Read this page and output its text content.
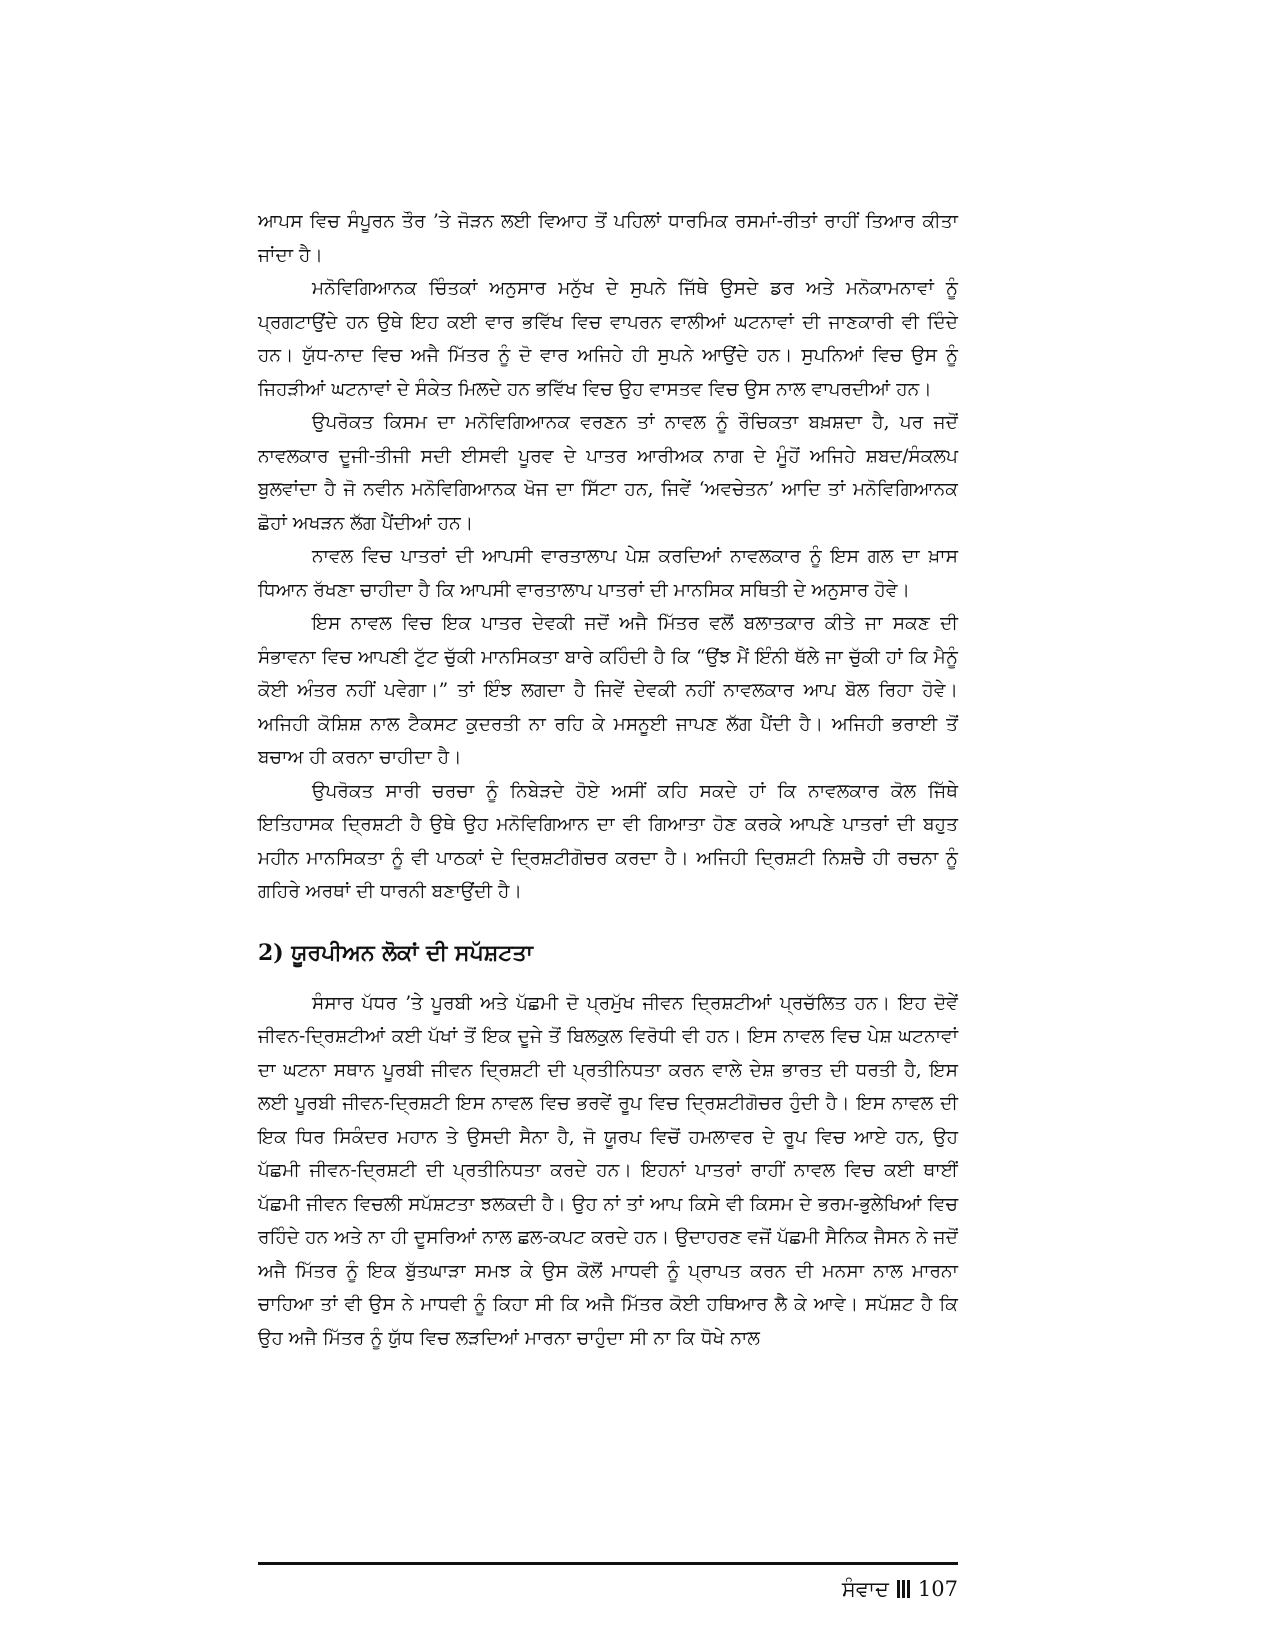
ਆਪਸ ਵਿਚ ਸੰਪੂਰਨ ਤੌਰ ’ਤੇ ਜੋੜਨ ਲਈ ਵਿਆਹ ਤੋਂ ਪਹਿਲਾਂ ਧਾਰਮਿਕ ਰਸਮਾਂ-ਰੀਤਾਂ ਰਾਹੀਂ ਤਿਆਰ ਕੀਤਾ ਜਾਂਦਾ ਹੈ।

ਮਨੋਵਿਗਿਆਨਕ ਚਿੰਤਕਾਂ ਅਨੁਸਾਰ ਮਨੁੱਖ ਦੇ ਸੁਪਨੇ ਜਿੱਥੇ ਉਸਦੇ ਡਰ ਅਤੇ ਮਨੋਕਾਮਨਾਵਾਂ ਨੂੰ ਪ੍ਰਗਟਾਉਂਦੇ ਹਨ ਉਥੇ ਇਹ ਕਈ ਵਾਰ ਭਵਿੱਖ ਵਿਚ ਵਾਪਰਨ ਵਾਲੀਆਂ ਘਟਨਾਵਾਂ ਦੀ ਜਾਣਕਾਰੀ ਵੀ ਦਿੰਦੇ ਹਨ। ਯੁੱਧ-ਨਾਦ ਵਿਚ ਅਜੈ ਮਿੱਤਰ ਨੂੰ ਦੋ ਵਾਰ ਅਜਿਹੇ ਹੀ ਸੁਪਨੇ ਆਉਂਦੇ ਹਨ। ਸੁਪਨਿਆਂ ਵਿਚ ਉਸ ਨੂੰ ਜਿਹੜੀਆਂ ਘਟਨਾਵਾਂ ਦੇ ਸੰਕੇਤ ਮਿਲਦੇ ਹਨ ਭਵਿੱਖ ਵਿਚ ਉਹ ਵਾਸਤਵ ਵਿਚ ਉਸ ਨਾਲ ਵਾਪਰਦੀਆਂ ਹਨ।

ਉਪਰੋਕਤ ਕਿਸਮ ਦਾ ਮਨੋਵਿਗਿਆਨਕ ਵਰਣਨ ਤਾਂ ਨਾਵਲ ਨੂੰ ਰੌਚਿਕਤਾ ਬਖ਼ਸ਼ਦਾ ਹੈ, ਪਰ ਜਦੋਂ ਨਾਵਲਕਾਰ ਦੂਜੀ-ਤੀਜੀ ਸਦੀ ਈਸਵੀ ਪੂਰਵ ਦੇ ਪਾਤਰ ਆਰੀਅਕ ਨਾਗ ਦੇ ਮੂੰਹੋਂ ਅਜਿਹੇ ਸ਼ਬਦ/ਸੰਕਲਪ ਬੁਲਵਾਂਦਾ ਹੈ ਜੋ ਨਵੀਨ ਮਨੋਵਿਗਿਆਨਕ ਖੋਜ ਦਾ ਸਿੱਟਾ ਹਨ, ਜਿਵੇਂ ‘ਅਵਚੇਤਨ’ ਆਦਿ ਤਾਂ ਮਨੋਵਿਗਿਆਨਕ ਛੋਹਾਂ ਅਖੜਨ ਲੱਗ ਪੈਂਦੀਆਂ ਹਨ।

ਨਾਵਲ ਵਿਚ ਪਾਤਰਾਂ ਦੀ ਆਪਸੀ ਵਾਰਤਾਲਾਪ ਪੇਸ਼ ਕਰਦਿਆਂ ਨਾਵਲਕਾਰ ਨੂੰ ਇਸ ਗਲ ਦਾ ਖ਼ਾਸ ਧਿਆਨ ਰੱਖਣਾ ਚਾਹੀਦਾ ਹੈ ਕਿ ਆਪਸੀ ਵਾਰਤਾਲਾਪ ਪਾਤਰਾਂ ਦੀ ਮਾਨਸਿਕ ਸਥਿਤੀ ਦੇ ਅਨੁਸਾਰ ਹੋਵੇ।

ਇਸ ਨਾਵਲ ਵਿਚ ਇਕ ਪਾਤਰ ਦੇਵਕੀ ਜਦੋਂ ਅਜੈ ਮਿੱਤਰ ਵਲੋਂ ਬਲਾਤਕਾਰ ਕੀਤੇ ਜਾ ਸਕਣ ਦੀ ਸੰਭਾਵਨਾ ਵਿਚ ਆਪਣੀ ਟੁੱਟ ਚੁੱਕੀ ਮਾਨਸਿਕਤਾ ਬਾਰੇ ਕਹਿੰਦੀ ਹੈ ਕਿ “ਉਂਝ ਮੈਂ ਇੰਨੀ ਥੱਲੇ ਜਾ ਚੁੱਕੀ ਹਾਂ ਕਿ ਮੈਨੂੰ ਕੋਈ ਅੰਤਰ ਨਹੀਂ ਪਵੇਗਾ।” ਤਾਂ ਇੰਝ ਲਗਦਾ ਹੈ ਜਿਵੇਂ ਦੇਵਕੀ ਨਹੀਂ ਨਾਵਲਕਾਰ ਆਪ ਬੋਲ ਰਿਹਾ ਹੋਵੇ। ਅਜਿਹੀ ਕੋਸ਼ਿਸ਼ ਨਾਲ ਟੈਕਸਟ ਕੁਦਰਤੀ ਨਾ ਰਹਿ ਕੇ ਮਸਨੂਈ ਜਾਪਣ ਲੱਗ ਪੈਂਦੀ ਹੈ। ਅਜਿਹੀ ਭਰਾਈ ਤੋਂ ਬਚਾਅ ਹੀ ਕਰਨਾ ਚਾਹੀਦਾ ਹੈ।

ਉਪਰੋਕਤ ਸਾਰੀ ਚਰਚਾ ਨੂੰ ਨਿਬੇੜਦੇ ਹੋਏ ਅਸੀਂ ਕਹਿ ਸਕਦੇ ਹਾਂ ਕਿ ਨਾਵਲਕਾਰ ਕੋਲ ਜਿੱਥੇ ਇਤਿਹਾਸਕ ਦ੍ਰਿਸ਼ਟੀ ਹੈ ਉਥੇ ਉਹ ਮਨੋਵਿਗਿਆਨ ਦਾ ਵੀ ਗਿਆਤਾ ਹੋਣ ਕਰਕੇ ਆਪਣੇ ਪਾਤਰਾਂ ਦੀ ਬਹੁਤ ਮਹੀਨ ਮਾਨਸਿਕਤਾ ਨੂੰ ਵੀ ਪਾਠਕਾਂ ਦੇ ਦ੍ਰਿਸ਼ਟੀਗੋਚਰ ਕਰਦਾ ਹੈ। ਅਜਿਹੀ ਦ੍ਰਿਸ਼ਟੀ ਨਿਸ਼ਚੈ ਹੀ ਰਚਨਾ ਨੂੰ ਗਹਿਰੇ ਅਰਥਾਂ ਦੀ ਧਾਰਨੀ ਬਣਾਉਂਦੀ ਹੈ।

2) ਯੂਰਪੀਅਨ ਲੋਕਾਂ ਦੀ ਸਪੱਸ਼ਟਤਾ

ਸੰਸਾਰ ਪੱਧਰ ’ਤੇ ਪੂਰਬੀ ਅਤੇ ਪੱਛਮੀ ਦੋ ਪ੍ਰਮੁੱਖ ਜੀਵਨ ਦ੍ਰਿਸ਼ਟੀਆਂ ਪ੍ਰਚੱਲਿਤ ਹਨ। ਇਹ ਦੋਵੇਂ ਜੀਵਨ-ਦ੍ਰਿਸ਼ਟੀਆਂ ਕਈ ਪੱਖਾਂ ਤੋਂ ਇਕ ਦੂਜੇ ਤੋਂ ਬਿਲਕੁਲ ਵਿਰੋਧੀ ਵੀ ਹਨ। ਇਸ ਨਾਵਲ ਵਿਚ ਪੇਸ਼ ਘਟਨਾਵਾਂ ਦਾ ਘਟਨਾ ਸਥਾਨ ਪੂਰਬੀ ਜੀਵਨ ਦ੍ਰਿਸ਼ਟੀ ਦੀ ਪ੍ਰਤੀਨਿਧਤਾ ਕਰਨ ਵਾਲੇ ਦੇਸ਼ ਭਾਰਤ ਦੀ ਧਰਤੀ ਹੈ, ਇਸ ਲਈ ਪੂਰਬੀ ਜੀਵਨ-ਦ੍ਰਿਸ਼ਟੀ ਇਸ ਨਾਵਲ ਵਿਚ ਭਰਵੇਂ ਰੂਪ ਵਿਚ ਦ੍ਰਿਸ਼ਟੀਗੋਚਰ ਹੁੰਦੀ ਹੈ। ਇਸ ਨਾਵਲ ਦੀ ਇਕ ਧਿਰ ਸਿਕੰਦਰ ਮਹਾਨ ਤੇ ਉਸਦੀ ਸੈਨਾ ਹੈ, ਜੋ ਯੂਰਪ ਵਿਚੋਂ ਹਮਲਾਵਰ ਦੇ ਰੂਪ ਵਿਚ ਆਏ ਹਨ, ਉਹ ਪੱਛਮੀ ਜੀਵਨ-ਦ੍ਰਿਸ਼ਟੀ ਦੀ ਪ੍ਰਤੀਨਿਧਤਾ ਕਰਦੇ ਹਨ। ਇਹਨਾਂ ਪਾਤਰਾਂ ਰਾਹੀਂ ਨਾਵਲ ਵਿਚ ਕਈ ਥਾਈਂ ਪੱਛਮੀ ਜੀਵਨ ਵਿਚਲੀ ਸਪੱਸ਼ਟਤਾ ਝਲਕਦੀ ਹੈ। ਉਹ ਨਾਂ ਤਾਂ ਆਪ ਕਿਸੇ ਵੀ ਕਿਸਮ ਦੇ ਭਰਮ-ਭੁਲੇਖਿਆਂ ਵਿਚ ਰਹਿੰਦੇ ਹਨ ਅਤੇ ਨਾ ਹੀ ਦੂਸਰਿਆਂ ਨਾਲ ਛਲ-ਕਪਟ ਕਰਦੇ ਹਨ। ਉਦਾਹਰਣ ਵਜੋਂ ਪੱਛਮੀ ਸੈਨਿਕ ਜੈਸਨ ਨੇ ਜਦੋਂ ਅਜੈ ਮਿੱਤਰ ਨੂੰ ਇਕ ਬੁੱਤਘਾੜਾ ਸਮਝ ਕੇ ਉਸ ਕੋਲੋਂ ਮਾਧਵੀ ਨੂੰ ਪ੍ਰਾਪਤ ਕਰਨ ਦੀ ਮਨਸਾ ਨਾਲ ਮਾਰਨਾ ਚਾਹਿਆ ਤਾਂ ਵੀ ਉਸ ਨੇ ਮਾਧਵੀ ਨੂੰ ਕਿਹਾ ਸੀ ਕਿ ਅਜੈ ਮਿੱਤਰ ਕੋਈ ਹਥਿਆਰ ਲੈ ਕੇ ਆਵੇ। ਸਪੱਸ਼ਟ ਹੈ ਕਿ ਉਹ ਅਜੈ ਮਿੱਤਰ ਨੂੰ ਯੁੱਧ ਵਿਚ ਲੜਦਿਆਂ ਮਾਰਨਾ ਚਾਹੁੰਦਾ ਸੀ ਨਾ ਕਿ ਧੋਖੇ ਨਾਲ

ਸੰਵਾਦ 107
